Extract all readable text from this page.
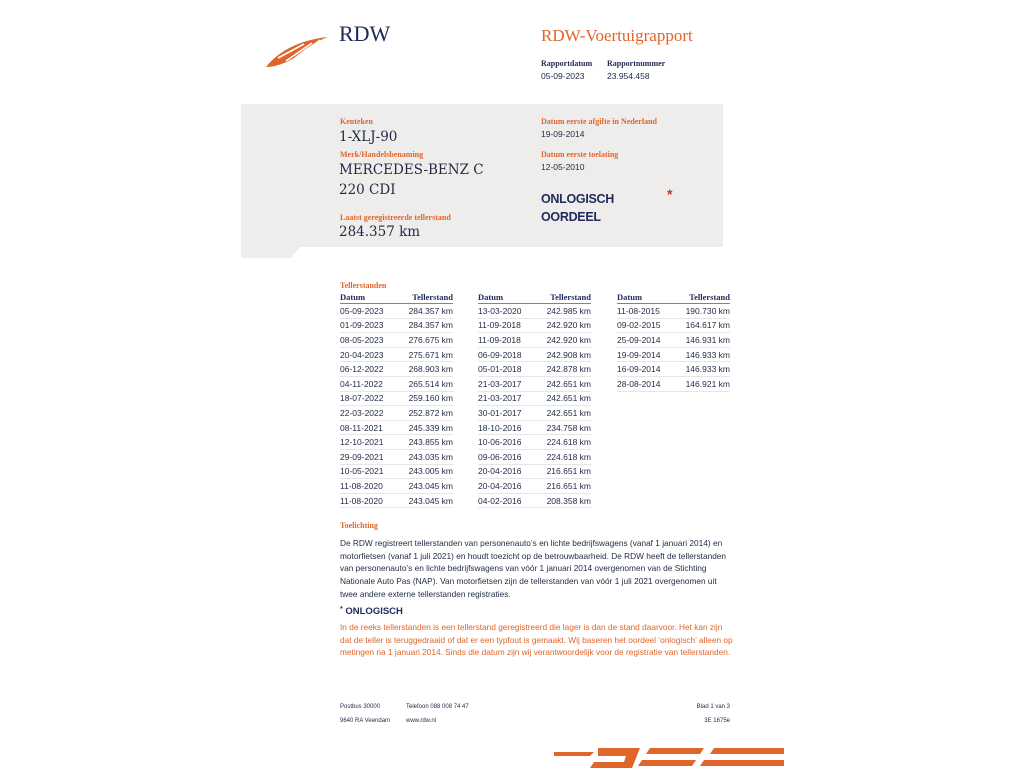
RDW	RDW-Voertuigrapport
Rapportdatum
05-09-2023
Rapportnummer
23.954.458
Kenteken
1-XLJ-90
Merk/Handelsbenaming
MERCEDES-BENZ C
220 CDI
Laatst geregistreerde tellerstand
284.357 km
Datum eerste afgifte in Nederland
19-09-2014
Datum eerste toelating
12-05-2010
ONLOGISCH
OORDEEL
*
Tellerstanden
Datum	Tellerstand
05-09-2023	284.357 km
01-09-2023	284.357 km
08-05-2023	276.675 km
20-04-2023	275.671 km
06-12-2022	268.903 km
04-11-2022	265.514 km
18-07-2022	259.160 km
22-03-2022	252.872 km
08-11-2021	245.339 km
12-10-2021	243.855 km
29-09-2021	243.035 km
10-05-2021	243.005 km
11-08-2020	243.045 km
11-08-2020	243.045 km
Datum	Tellerstand
13-03-2020	242.985 km
11-09-2018	242.920 km
11-09-2018	242.920 km
06-09-2018	242.908 km
05-01-2018	242.878 km
21-03-2017	242.651 km
21-03-2017	242.651 km
30-01-2017	242.651 km
18-10-2016	234.758 km
10-06-2016	224.618 km
09-06-2016	224.618 km
20-04-2016	216.651 km
20-04-2016	216.651 km
04-02-2016	208.358 km
Datum	Tellerstand
11-08-2015	190.730 km
09-02-2015	164.617 km
25-09-2014	146.931 km
19-09-2014	146.933 km
16-09-2014	146.933 km
28-08-2014	146.921 km
Toelichting
De RDW registreert tellerstanden van personenauto’s en lichte bedrijfswagens (vanaf 1 januari 2014) en
motorfietsen (vanaf 1 juli 2021) en houdt toezicht op de betrouwbaarheid. De RDW heeft de tellerstanden
van personenauto’s en lichte bedrijfswagens van vóór 1 januari 2014 overgenomen van de Stichting
Nationale Auto Pas (NAP). Van motorfietsen zijn de tellerstanden van vóór 1 juli 2021 overgenomen uit
twee andere externe tellerstanden registraties.
* ONLOGISCH
In de reeks tellerstanden is een tellerstand geregistreerd die lager is dan de stand daarvoor. Het kan zijn
dat de teller is teruggedraaid of dat er een typfout is gemaakt. Wij baseren het oordeel ‘onlogisch’ alleen op
metingen na 1 januari 2014. Sinds die datum zijn wij verantwoordelijk voor de registratie van tellerstanden.
Postbus 30000
9640 RA Veendam
Telefoon 088 008 74 47
www.rdw.nl
Blad 1 van 3
3E 1675e
